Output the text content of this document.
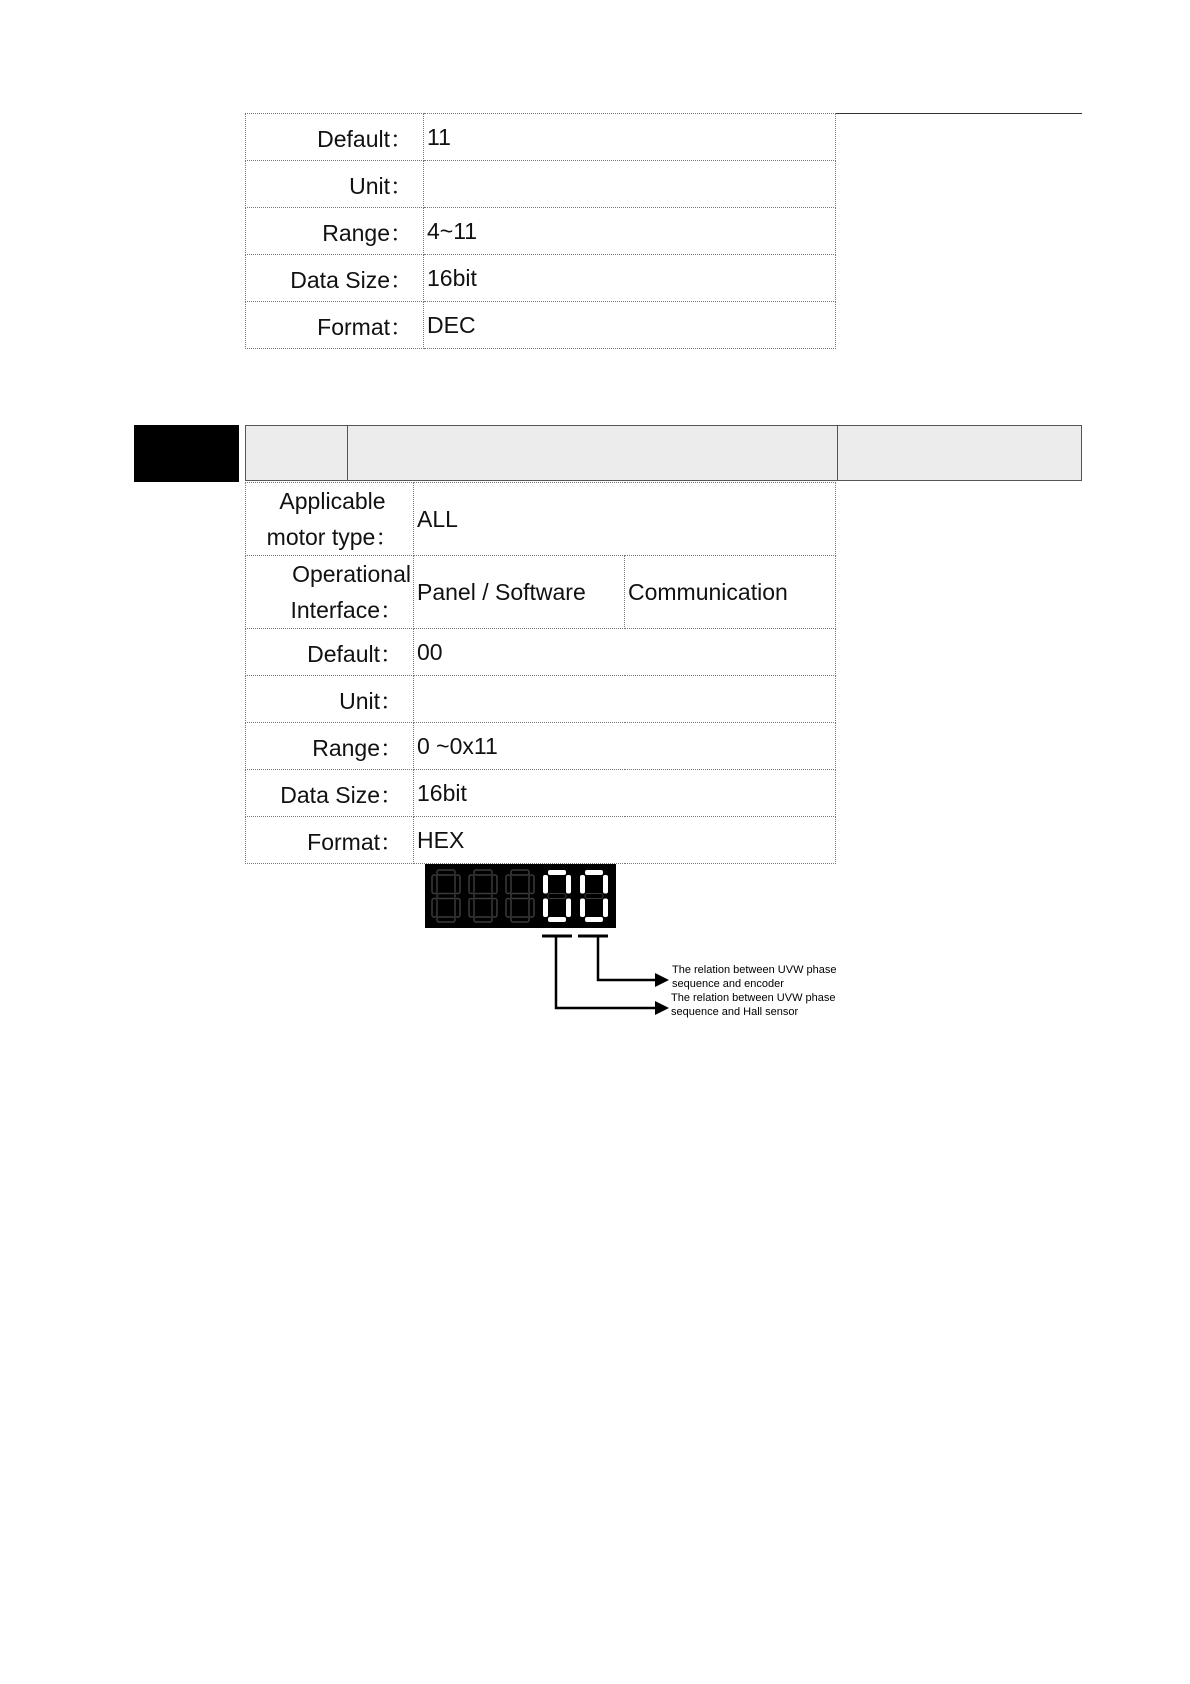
Default：	11
Unit：	
Range：	4~11
Data Size：	16bit
Format：	DEC
Applicable
motor type：	ALL	

Operational
Interface：	Panel / Software	Communication
Default：	00	
Unit：		
Range：	0 ~0x11	
Data Size：	16bit	
Format：	HEX	
The relation between UVW phase
sequence and encoder
The relation between UVW phase
sequence and Hall sensor
